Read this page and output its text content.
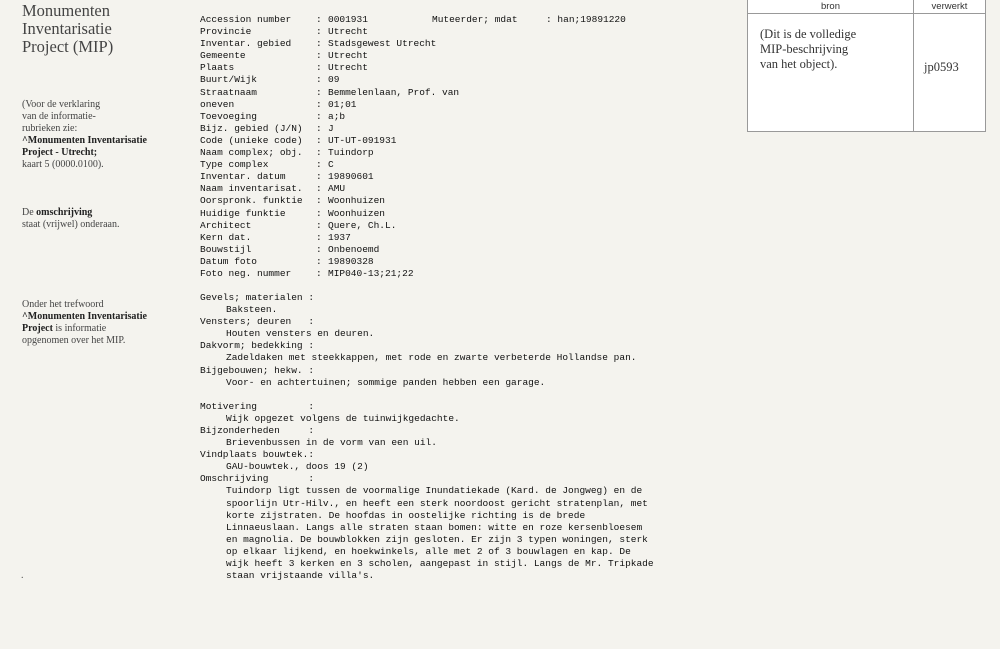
Monumenten
Inventarisatie
Project (MIP)
(Voor de verklaring
van de informatie-
rubrieken zie:
^Monumenten Inventarisatie
Project - Utrecht;
kaart 5 (0000.0100).
De omschrijving
staat (vrijwel) onderaan.
Onder het trefwoord
^Monumenten Inventarisatie
Project is informatie
opgenomen over het MIP.
.
Accession number	: 0001931
Provincie	: Utrecht
Inventar. gebied	: Stadsgewest Utrecht
Gemeente	: Utrecht
Plaats	: Utrecht
Buurt/Wijk	: 09
Straatnaam	: Bemmelenlaan, Prof. van
oneven	: 01;01
Toevoeging	: a;b
Bijz. gebied (J/N) : J
Code (unieke code) : UT-UT-091931
Naam complex; obj. : Tuindorp
Type complex	: C
Inventar. datum	: 19890601
Naam inventarisat. : AMU
Oorspronk. funktie : Woonhuizen
Huidige funktie	: Woonhuizen
Architect	: Quere, Ch.L.
Kern dat.	: 1937
Bouwstijl	: Onbenoemd
Datum foto	: 19890328
Foto neg. nummer	: MIP040-13;21;22
Muteerder; mdat     : han;19891220
Gevels; materialen :
Baksteen.
Vensters; deuren   :
Houten vensters en deuren.
Dakvorm; bedekking :
Zadeldaken met steekkappen, met rode en zwarte verbeterde Hollandse pan.
Bijgebouwen; hekw. :
Voor- en achtertuinen; sommige panden hebben een garage.
Motivering         :
Wijk opgezet volgens de tuinwijkgedachte.
Bijzonderheden     :
Brievenbussen in de vorm van een uil.
Vindplaats bouwtek.:
GAU-bouwtek., doos 19 (2)
Omschrijving       :
Tuindorp ligt tussen de voormalige Inundatiekade (Kard. de Jongweg) en de
spoorlijn Utr-Hilv., en heeft een sterk noordoost gericht stratenplan, met
korte zijstraten. De hoofdas in oostelijke richting is de brede
Linnaeuslaan. Langs alle straten staan bomen: witte en roze kersenbloesem
en magnolia. De bouwblokken zijn gesloten. Er zijn 3 typen woningen, sterk
op elkaar lijkend, en hoekwinkels, alle met 2 of 3 bouwlagen en kap. De
wijk heeft 3 kerken en 3 scholen, aangepast in stijl. Langs de Mr. Tripkade
staan vrijstaande villa's.
bron	verwerkt
(Dit is de volledige
MIP-beschrijving
van het object).	jp0593
